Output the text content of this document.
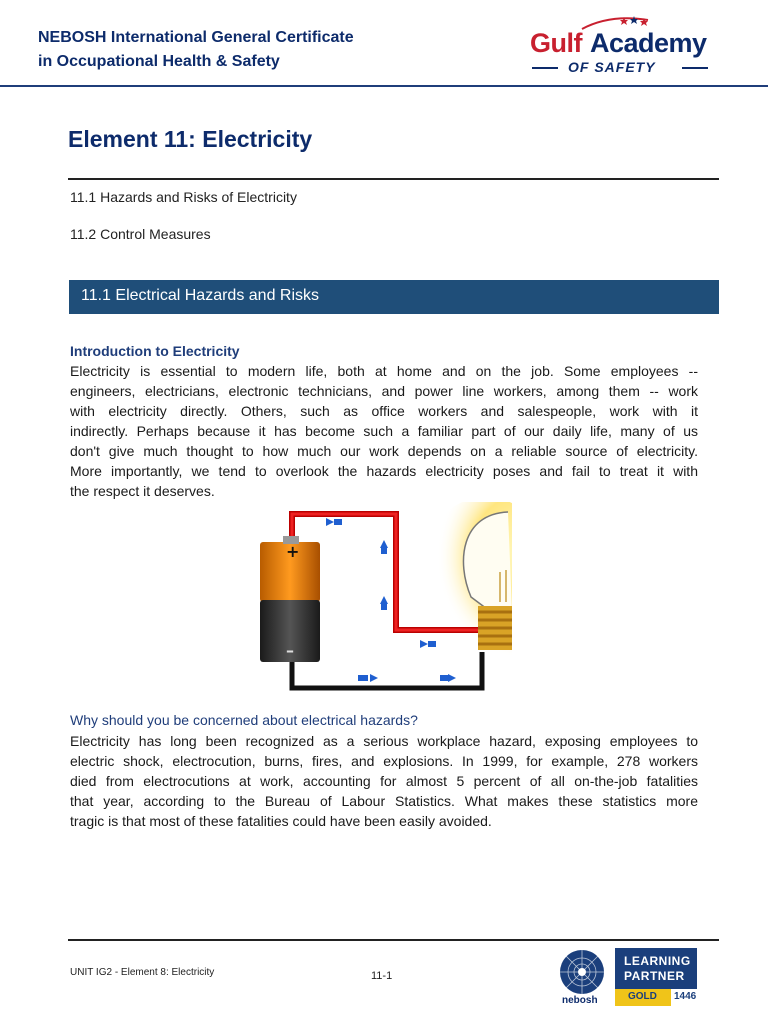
NEBOSH International General Certificate
in Occupational Health & Safety
Gulf Academy
OF SAFETY
Element 11: Electricity
11.1 Hazards and Risks of Electricity
11.2 Control Measures
11.1 Electrical Hazards and Risks
Introduction to Electricity
Electricity is essential to modern life, both at home and on the job. Some employees --
engineers, electricians, electronic technicians, and power line workers, among them -- work
with electricity directly. Others, such as office workers and salespeople, work with it
indirectly. Perhaps because it has become such a familiar part of our daily life, many of us
don't give much thought to how much our work depends on a reliable source of electricity.
More importantly, we tend to overlook the hazards electricity poses and fail to treat it with
the respect it deserves.
+
–
Why should you be concerned about electrical hazards?
Electricity has long been recognized as a serious workplace hazard, exposing employees to
electric shock, electrocution, burns, fires, and explosions. In 1999, for example, 278 workers
died from electrocutions at work, accounting for almost 5 percent of all on-the-job fatalities
that year, according to the Bureau of Labour Statistics. What makes these statistics more
tragic is that most of these fatalities could have been easily avoided.
UNIT IG2 - Element 8: Electricity	11-1
nebosh
LEARNING
PARTNER
GOLD 1446
